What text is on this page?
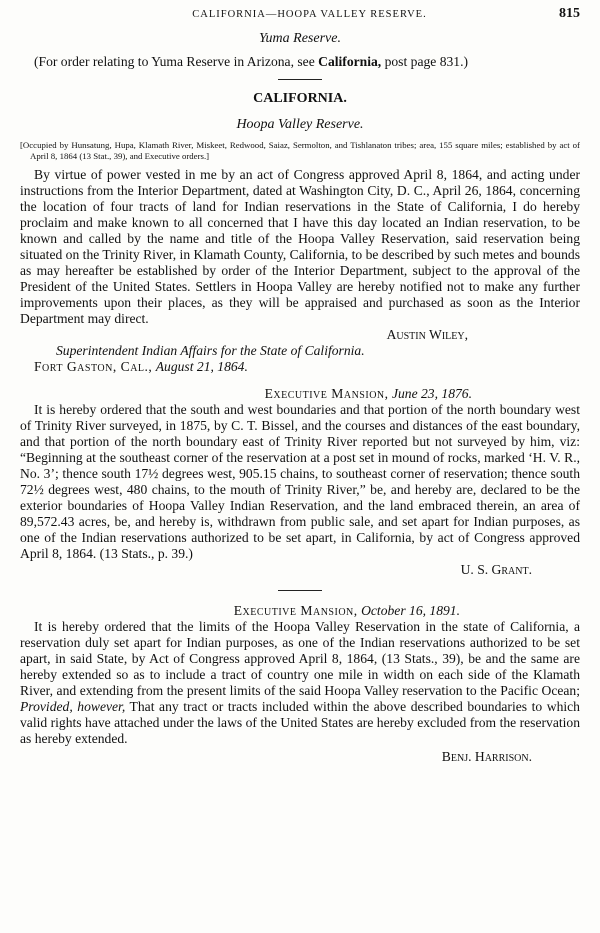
CALIFORNIA—HOOPA VALLEY RESERVE.	815
Yuma Reserve.

(For order relating to Yuma Reserve in Arizona, see California, post page 831.)

CALIFORNIA.
Hoopa Valley Reserve.

[Occupied by Hunsatung, Hupa, Klamath River, Miskeet, Redwood, Saiaz, Sermolton, and Tishlanaton tribes; area, 155 square miles; established by act of April 8, 1864 (13 Stat., 39), and Executive orders.]

By virtue of power vested in me by an act of Congress approved April 8, 1864, and acting under instructions from the Interior Department, dated at Washington City, D. C., April 26, 1864, concerning the location of four tracts of land for Indian reservations in the State of California, I do hereby proclaim and make known to all concerned that I have this day located an Indian reservation, to be known and called by the name and title of the Hoopa Valley Reservation, said reservation being situated on the Trinity River, in Klamath County, California, to be described by such metes and bounds as may hereafter be established by order of the Interior Department, subject to the approval of the President of the United States. Settlers in Hoopa Valley are hereby notified not to make any further improvements upon their places, as they will be appraised and purchased as soon as the Interior Department may direct.

Austin Wiley,
Superintendent Indian Affairs for the State of California.
Fort Gaston, Cal., August 21, 1864.
Executive Mansion, June 23, 1876.

It is hereby ordered that the south and west boundaries and that portion of the north boundary west of Trinity River surveyed, in 1875, by C. T. Bissel, and the courses and distances of the east boundary, and that portion of the north boundary east of Trinity River reported but not surveyed by him, viz: “Beginning at the southeast corner of the reservation at a post set in mound of rocks, marked ‘H. V. R., No. 3’; thence south 17½ degrees west, 905.15 chains, to southeast corner of reservation; thence south 72½ degrees west, 480 chains, to the mouth of Trinity River,” be, and hereby are, declared to be the exterior boundaries of Hoopa Valley Indian Reservation, and the land embraced therein, an area of 89,572.43 acres, be, and hereby is, withdrawn from public sale, and set apart for Indian purposes, as one of the Indian reservations authorized to be set apart, in California, by act of Congress approved April 8, 1864. (13 Stats., p. 39.)

U. S. Grant.
Executive Mansion, October 16, 1891.

It is hereby ordered that the limits of the Hoopa Valley Reservation in the state of California, a reservation duly set apart for Indian purposes, as one of the Indian reservations authorized to be set apart, in said State, by Act of Congress approved April 8, 1864, (13 Stats., 39), be and the same are hereby extended so as to include a tract of country one mile in width on each side of the Klamath River, and extending from the present limits of the said Hoopa Valley reservation to the Pacific Ocean; Provided, however, That any tract or tracts included within the above described boundaries to which valid rights have attached under the laws of the United States are hereby excluded from the reservation as hereby extended.

Benj. Harrison.
